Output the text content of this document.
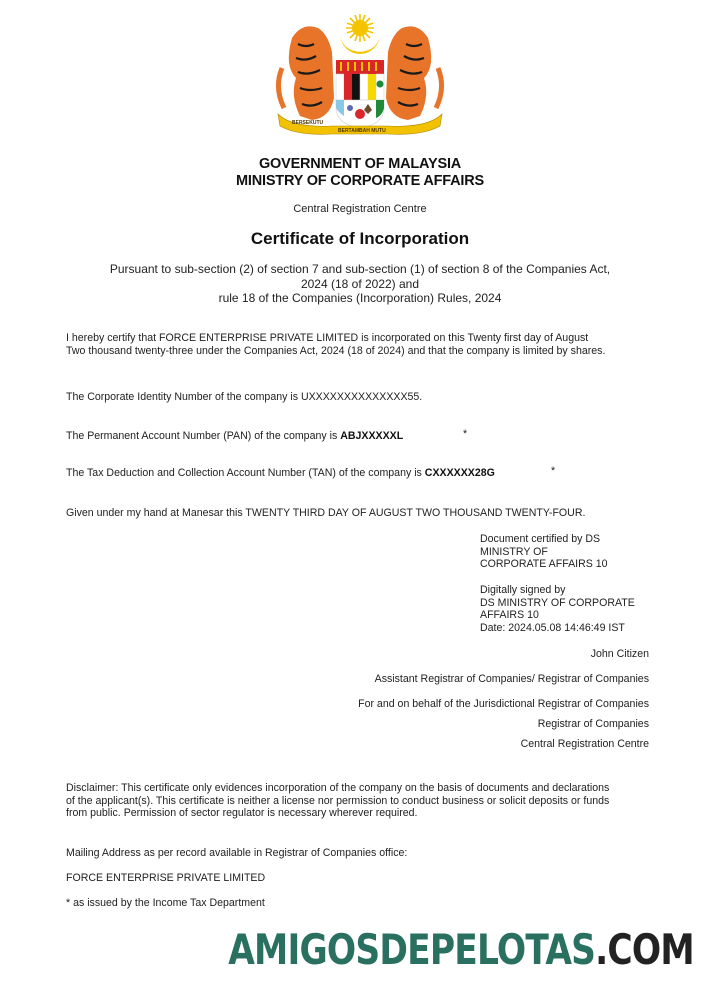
BERSEKUTU
BERTAMBAH MUTU
GOVERNMENT OF MALAYSIA
MINISTRY OF CORPORATE AFFAIRS
Central Registration Centre
Certificate of Incorporation
Pursuant to sub-section (2) of section 7 and sub-section (1) of section 8 of the Companies Act,
2024 (18 of 2022) and
rule 18 of the Companies (Incorporation) Rules, 2024
I hereby certify that FORCE ENTERPRISE PRIVATE LIMITED is incorporated on this Twenty first day of August
Two thousand twenty-three under the Companies Act, 2024 (18 of 2024) and that the company is limited by shares.
The Corporate Identity Number of the company is UXXXXXXXXXXXXXX55.
The Permanent Account Number (PAN) of the company is ABJXXXXXL	*
The Tax Deduction and Collection Account Number (TAN) of the company is CXXXXXX28G	*
Given under my hand at Manesar this TWENTY THIRD DAY OF AUGUST TWO THOUSAND TWENTY-FOUR.
Document certified by DS
MINISTRY OF
CORPORATE AFFAIRS 10
Digitally signed by
DS MINISTRY OF CORPORATE
AFFAIRS 10
Date: 2024.05.08 14:46:49 IST
John Citizen
Assistant Registrar of Companies/ Registrar of Companies
For and on behalf of the Jurisdictional Registrar of Companies
Registrar of Companies
Central Registration Centre
Disclaimer: This certificate only evidences incorporation of the company on the basis of documents and declarations
of the applicant(s). This certificate is neither a license nor permission to conduct business or solicit deposits or funds
from public. Permission of sector regulator is necessary wherever required.
Mailing Address as per record available in Registrar of Companies office:
FORCE ENTERPRISE PRIVATE LIMITED
* as issued by the Income Tax Department
AMIGOSDEPELOTAS.COM
